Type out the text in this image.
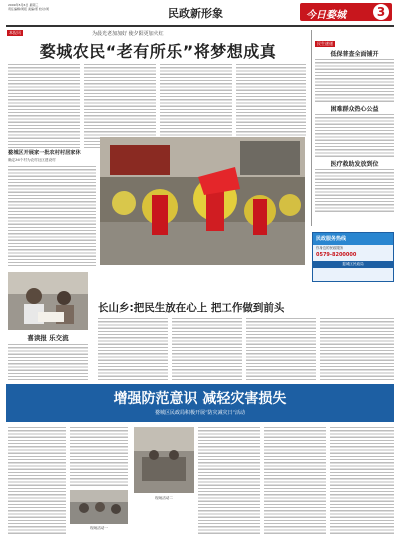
2009年5月6日 星期三
责任编辑/周报 美编/邢 校对/周	民政新形象	今日婺城	3
为晨光老加加好 使夕阳更加火红
本报讯
婺城农民“老有所乐”将梦想成真
婺城区开展家一批农村村居家休
确定36个村为农村社区建设村
民生速递
低保普查全面铺开
困难群众热心公益
医疗救助发放到位
民政服务热线
你身边的民政服务
0579-8200000
婺城区民政局
喜读报 乐交流
长山乡:把民生放在心上 把工作做到前头
增强防范意识 减轻灾害损失
婺城区民政局积极开展“防灾减灾日”活动
现场活动一
现场活动二
